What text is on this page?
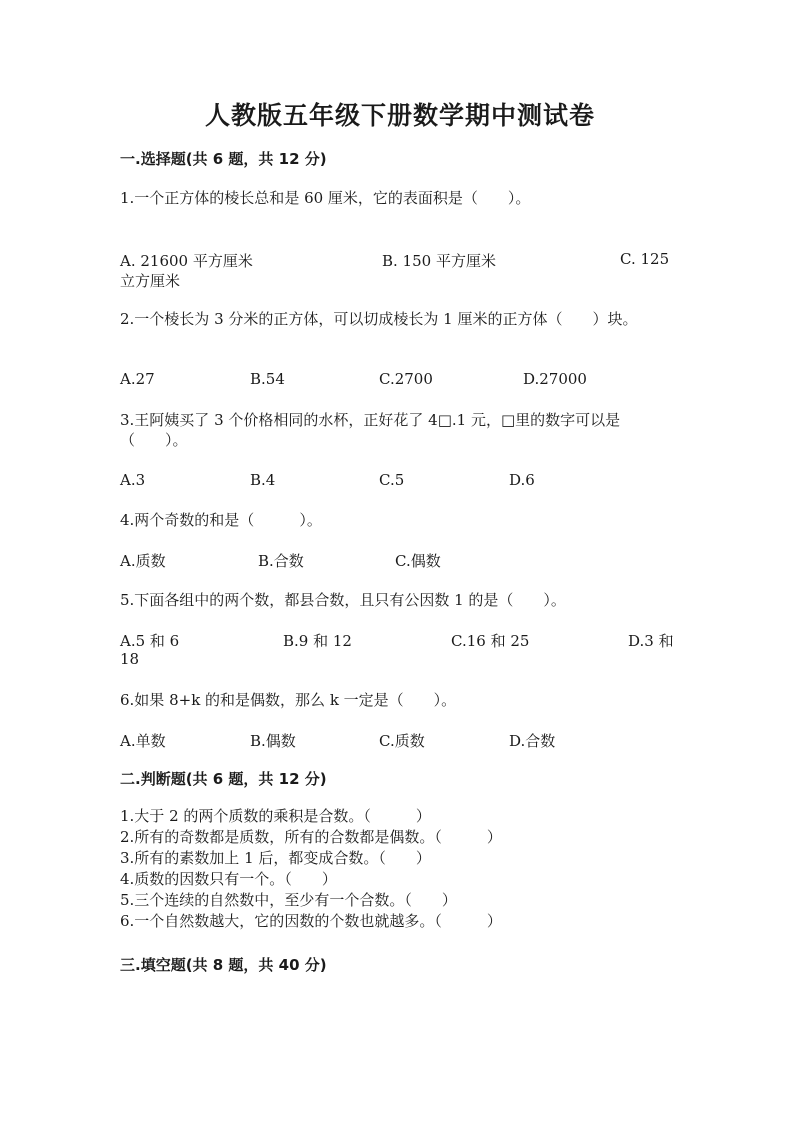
人教版五年级下册数学期中测试卷
一.选择题(共 6 题，共 12 分)
1.一个正方体的棱长总和是 60 厘米，它的表面积是（　　）。
A. 21600 平方厘米	B. 150 平方厘米	C. 125
立方厘米
2.一个棱长为 3 分米的正方体，可以切成棱长为 1 厘米的正方体（　　）块。
A.27	B.54	C.2700	D.27000
3.王阿姨买了 3 个价格相同的水杯，正好花了 4□.1 元，□里的数字可以是（　　）。
A.3	B.4	C.5	D.6
4.两个奇数的和是（　　　）。
A.质数	B.合数	C.偶数
5.下面各组中的两个数，都县合数，且只有公因数 1 的是（　　）。
A.5 和 6	B.9 和 12	C.16 和 25	D.3 和
18
6.如果 8+k 的和是偶数，那么 k 一定是（　　）。
A.单数	B.偶数	C.质数	D.合数
二.判断题(共 6 题，共 12 分)
1.大于 2 的两个质数的乘积是合数。（　　　）
2.所有的奇数都是质数，所有的合数都是偶数。（　　　）
3.所有的素数加上 1 后，都变成合数。（　　）
4.质数的因数只有一个。（　　）
5.三个连续的自然数中，至少有一个合数。（　　）
6.一个自然数越大，它的因数的个数也就越多。（　　　）
三.填空题(共 8 题，共 40 分)
